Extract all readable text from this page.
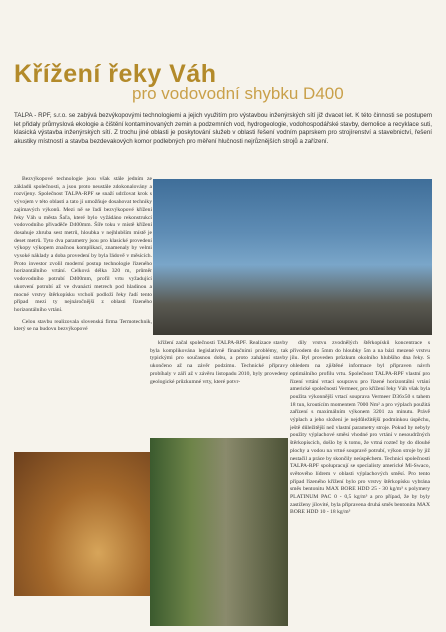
Křížení řeky Váh
pro vodovodní shybku D400
TALPA - RPF, s.r.o. se zabývá bezvýkopovými technologiemi a jejich využitím pro výstavbou inženýrských sítí již dvacet let. K této činnosti se postupem let přidaly průmyslová ekologie a čištění kontaminovaných zemin a podzemních vod, hydrogeologie, vodohospodářské stavby, demolice a recyklace suti, klasická výstavba inženýrských sítí. Z trochu jiné oblasti je poskytování služeb v oblasti řešení vodním paprskem pro strojírenství a stavebnictví, řešení akustiky místností a stavba bezdevakových komor podlebných pro měření hlučnosti nejrůznějších strojů a zařízení.

Bezvýkopové technologie jsou však stále jedním ze základů společnosti, a jsou proto neustále zdokonalovány a rozvíjeny. Společnost TALPA-RPF se snaží udržovat krok s vývojem v této oblasti a tato jí umožňuje dosahovat techniky zajímavých výkonů. Mezi ně se řadí bezvýkopové křížení řeky Váh u města Šaľa, které bylo vyžádáno rekonstrukcí vodovodního přivaděče D400mm. Šíře toku v místě křížení dosahuje zhruba sest metrů, hloubka v nejhlubším místě je deset metrů. Tyto dva parametry jsou pro klasické provedení výkopy výkopem značnou komplikací, znamenaly by velmi vysoké náklady a doba provedení by byla řádově v měsících. Proto investor zvolil moderní postup technologie řízeného horizontálního vrtání. Celková délka 320 m, průměr vodovodního potrubí D400mm, profil vrtu vyžadující ukotvení potrubí až ve dvanácti metrech pod hladinou a mocné vrstvy štěrkopísku vrcholí podloží řeky řadí tento případ mezi ty nejnáročnější z oblasti řízeného horizontálního vrtání.

Celou stavbu realizovala slovenská firma Termotechnik, který se na budovu bezvýkopové

křížení začal společnosti TALPA-RPF. Realizace stavby byla komplikována legislativně finančními problémy, tak typickými pro současnou dobu, a proto zahájení stavby ukončeno až na závěr podzimu. Technické přípravy probíhaly v září až v závěru listopadu 2010, byly provedeny geologické průzkumné vrty, které potvr-

dily vrstvu zvodnělých štěrkopísků koncentrace s přívodem do 5mm do hloubky 5m a na bázi mezené vrstvu jílu. Byl proveden průzkum okolního hlubšího dna řeky. S ohledem na zjištěné informace byl připraven návrh optimálního profilu vrtu. Společnost TALPA-RPF vlastní pro řízení vrtání vrtací soupravu pro řízené horizontální vrtání americké společnosti Vermeer, pro křížení řeky Váh však byla použita výkonnější vrtací souprava Vermeer D36x50 s tahem 18 tun, kroutícím momentem 7000 Nm² a pro výplach použitá zařízení s maximálním výkonem 3201 za minutu. Právě výplach a jeho složení je nejdůležitější podmínkou úspěchu, ještě důležitější než vlastní parametry stroje. Pokud by nebyly použity výplachové směsi vhodné pro vrtání v nesoudržných štěrkopíscích, došlo by k tomu, že vrtná rozteč by do dlouhé plochy a vodou na vrtné soupravě potrubí, výkon stroje by již nestačil a práce by skončily neúspěchem. Technici společnosti TALPA-RPF spolupracují se specialisty americké Mi-Swaco, světového lídrem v oblasti výplachových směsí. Pro tento případ řízeného křížení bylo pro vrstvy štěrkopísku vybrána směs bentonitu MAX BORE HDD 25 - 30 kg/m³ s polymery PLATINUM PAC 0 - 0,5 kg/m³ a pro případ, že by byly zastiženy jílovité, byla připravena druhá směs bentonitu MAX BORE HDD 10 - 18 kg/m³
